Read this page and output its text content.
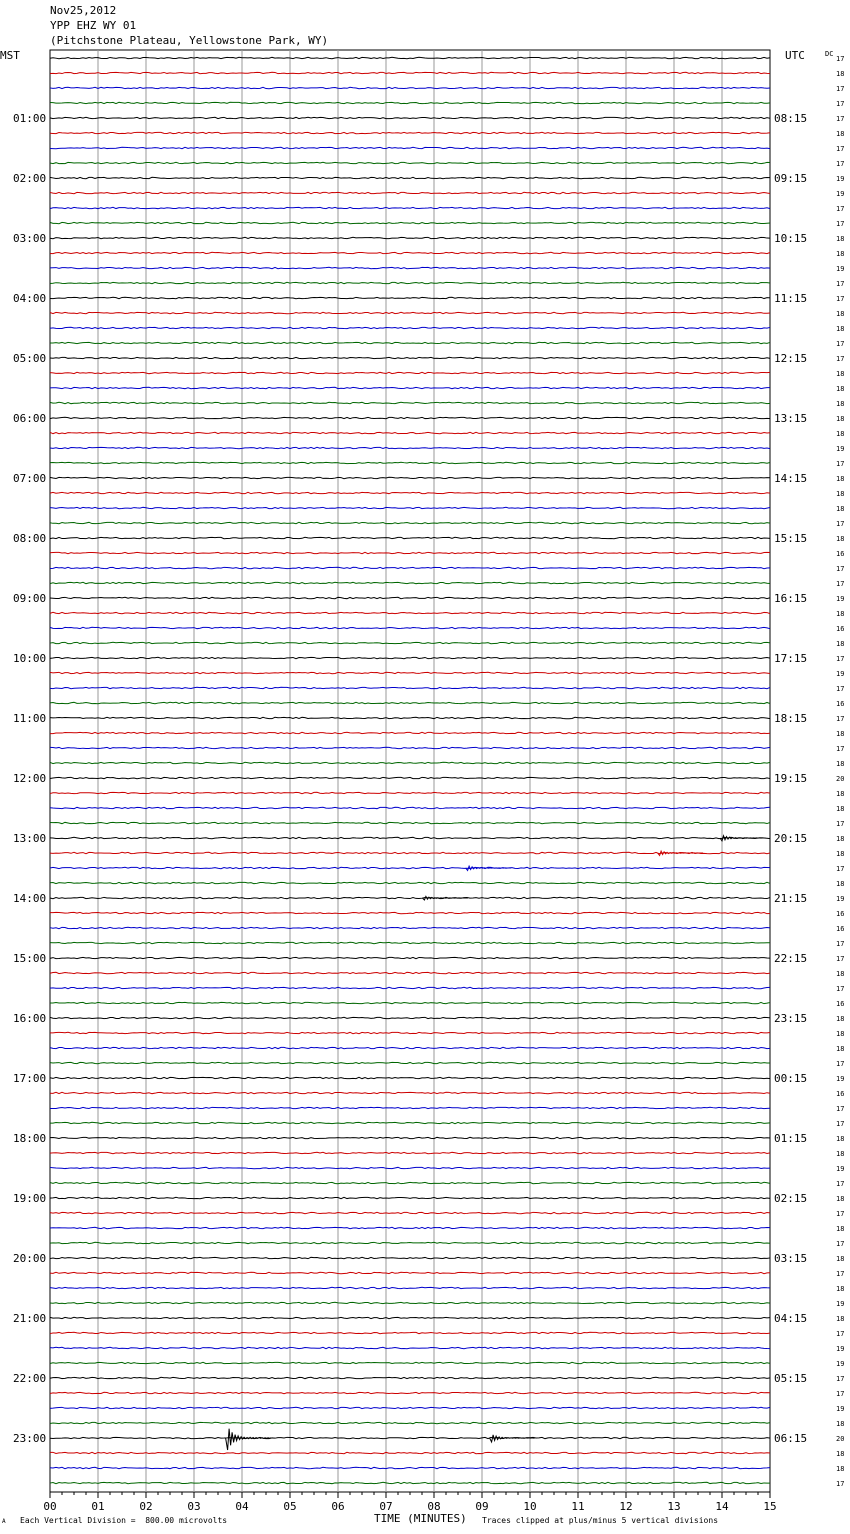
Nov25,2012
YPP EHZ WY 01
(Pitchstone Plateau, Yellowstone Park, WY)
MST	UTC	DC
00	01	02	03	04	05	06	07	08	09	10	11	12	13	14	15
17
18
17
17
17
18
17
17
19
19
17
17
18
18
19
17
17
18
18
17
17
18
18
18
18
18
19
17
18
18
18
17
18
16
17
17
19
18
16
18
17
19
17
16
17
18
17
18
20
18
18
17
18
18
17
18
19
16
16
17
17
18
17
16
18
18
18
17
19
16
17
17
18
18
19
17
18
17
18
17
18
17
18
19
18
17
19
19
17
17
19
18
20
18
18
17
01:00
02:00
03:00
04:00
05:00
06:00
07:00
08:00
09:00
10:00
11:00
12:00
13:00
14:00
15:00
16:00
17:00
18:00
19:00
20:00
21:00
22:00
23:00
08:15
09:15
10:15
11:15
12:15
13:15
14:15
15:15
16:15
17:15
18:15
19:15
20:15
21:15
22:15
23:15
00:15
01:15
02:15
03:15
04:15
05:15
06:15
TIME (MINUTES)
A Each Vertical Division =  800.00 microvolts	Traces clipped at plus/minus 5 vertical divisions
